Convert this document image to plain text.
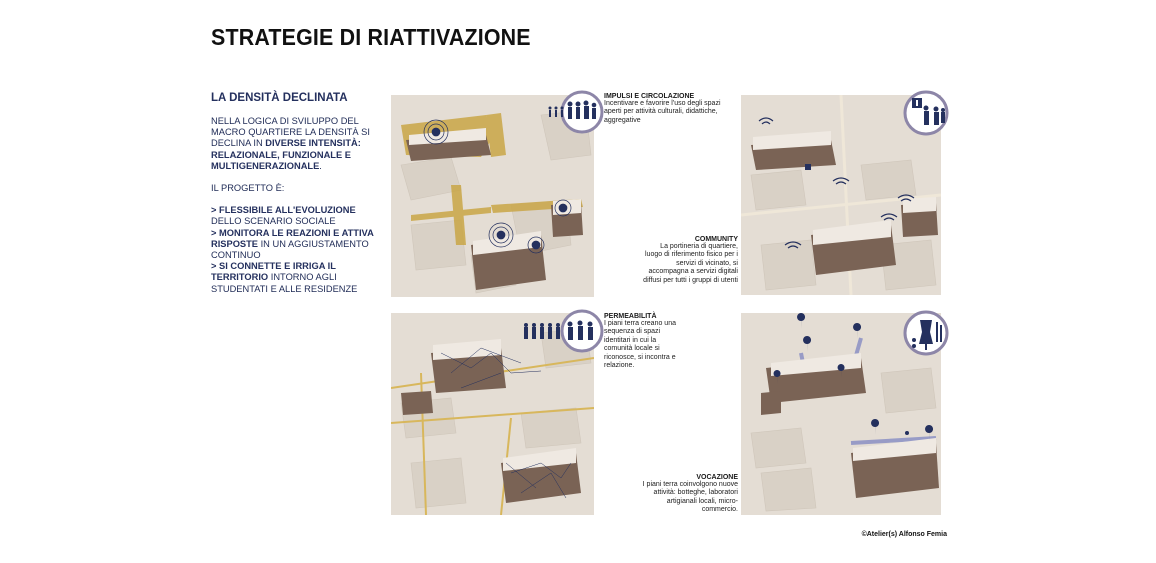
STRATEGIE DI RIATTIVAZIONE
LA DENSITÀ DECLINATA

NELLA LOGICA DI SVILUPPO DEL MACRO QUARTIERE LA DENSITÀ SI DECLINA IN DIVERSE INTENSITÀ: RELAZIONALE, FUNZIONALE E MULTIGENERAZIONALE.

IL PROGETTO È:

> FLESSIBILE ALL'EVOLUZIONE DELLO SCENARIO SOCIALE
> MONITORA LE REAZIONI E ATTIVA RISPOSTE IN UN AGGIUSTAMENTO CONTINUO
> SI CONNETTE E IRRIGA IL TERRITORIO INTORNO AGLI STUDENTATI E ALLE RESIDENZE
IMPULSI E CIRCOLAZIONE
Incentivare e favorire l'uso degli spazi aperti per attività culturali, didattiche, aggregative
COMMUNITY
La portineria di quartiere, luogo di riferimento fisico per i servizi di vicinato, si accompagna a servizi digitali diffusi per tutti i gruppi di utenti
PERMEABILITÀ
I piani terra creano una sequenza di spazi identitari in cui la comunità locale si riconosce, si incontra e relazione.
VOCAZIONE
I piani terra coinvolgono nuove attività: botteghe, laboratori artigianali locali, micro-commercio.
©Atelier(s) Alfonso Femia
